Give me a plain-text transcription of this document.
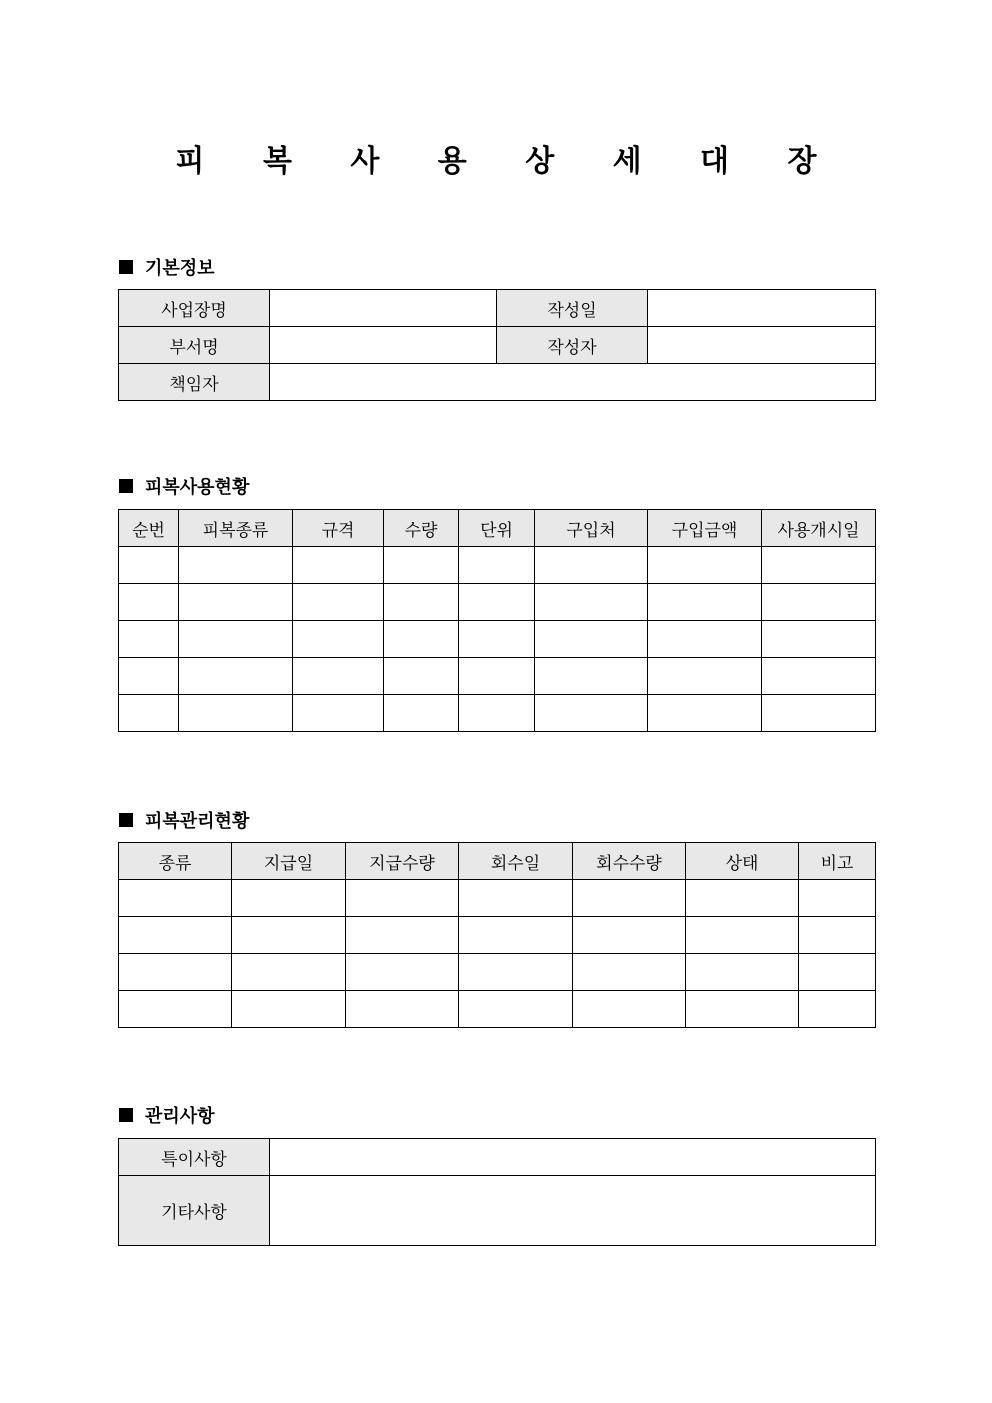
피 복 사 용 상 세 대 장
기본정보
사업장명		작성일	
부서명		작성자	
책임자			
피복사용현황
순번	피복종류	규격	수량	단위	구입처	구입금액	사용개시일

피복관리현황
종류	지급일	지급수량	회수일	회수수량	상태	비고

관리사항
특이사항	
기타사항	
